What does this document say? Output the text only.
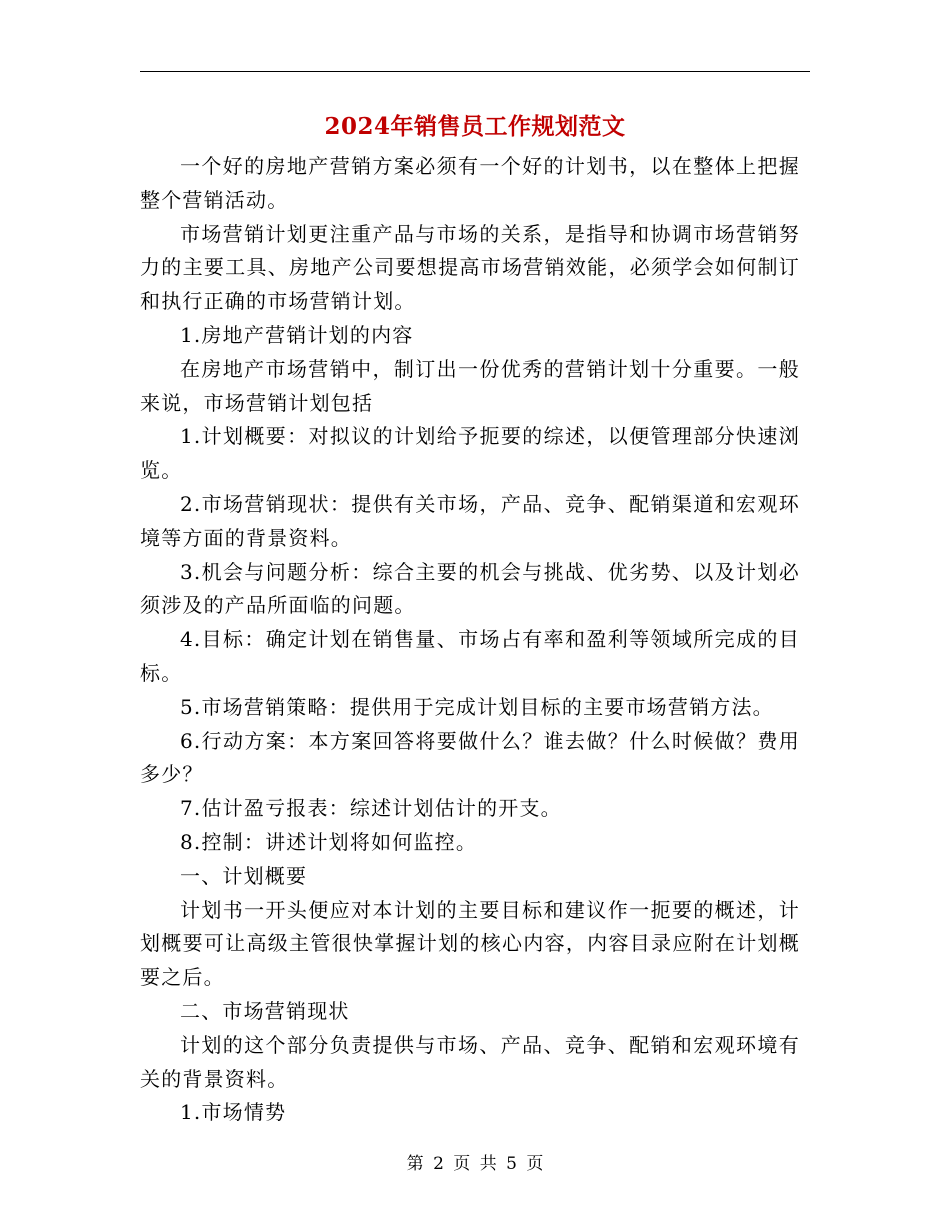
2024年销售员工作规划范文

一个好的房地产营销方案必须有一个好的计划书，以在整体上把握整个营销活动。

市场营销计划更注重产品与市场的关系，是指导和协调市场营销努力的主要工具、房地产公司要想提高市场营销效能，必须学会如何制订和执行正确的市场营销计划。

1.房地产营销计划的内容

在房地产市场营销中，制订出一份优秀的营销计划十分重要。一般来说，市场营销计划包括

1.计划概要：对拟议的计划给予扼要的综述，以便管理部分快速浏览。

2.市场营销现状：提供有关市场，产品、竞争、配销渠道和宏观环境等方面的背景资料。

3.机会与问题分析：综合主要的机会与挑战、优劣势、以及计划必须涉及的产品所面临的问题。

4.目标：确定计划在销售量、市场占有率和盈利等领域所完成的目标。

5.市场营销策略：提供用于完成计划目标的主要市场营销方法。

6.行动方案：本方案回答将要做什么？谁去做？什么时候做？费用多少？

7.估计盈亏报表：综述计划估计的开支。

8.控制：讲述计划将如何监控。

一、计划概要

计划书一开头便应对本计划的主要目标和建议作一扼要的概述，计划概要可让高级主管很快掌握计划的核心内容，内容目录应附在计划概要之后。

二、市场营销现状

计划的这个部分负责提供与市场、产品、竞争、配销和宏观环境有关的背景资料。

1.市场情势

第 2 页 共 5 页
